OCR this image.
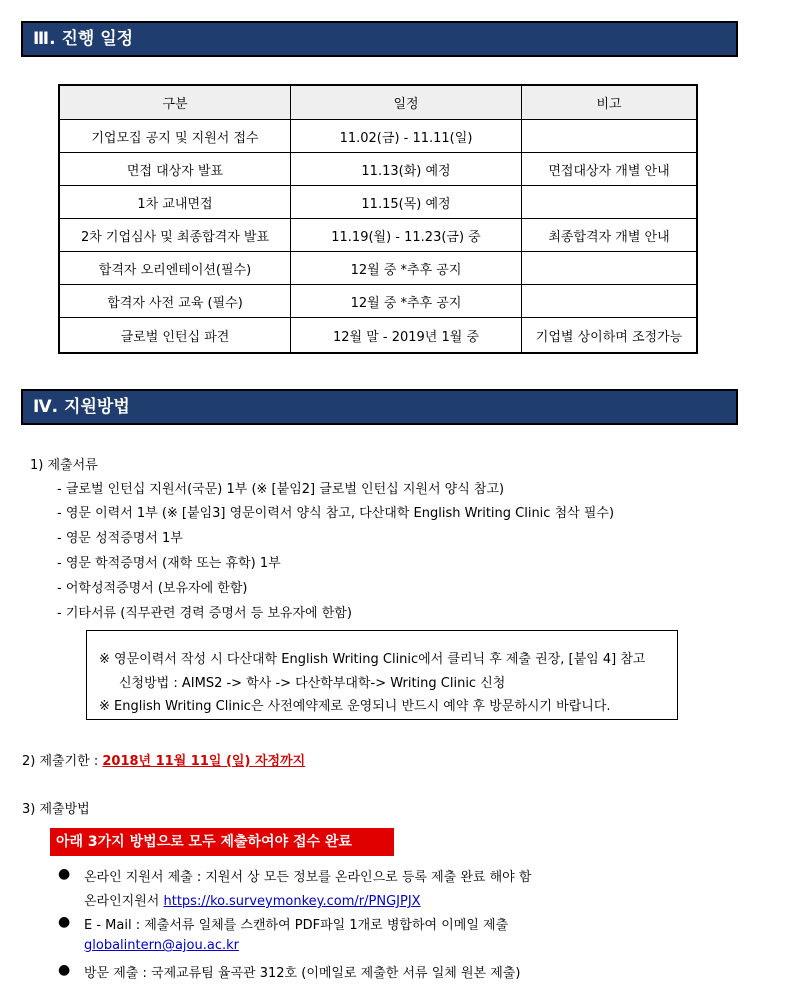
Ⅲ. 진행 일정
구분	일정	비고
기업모집 공지 및 지원서 접수	11.02(금) - 11.11(일)	
면접 대상자 발표	11.13(화) 예정	면접대상자 개별 안내
1차 교내면접	11.15(목) 예정	
2차 기업심사 및 최종합격자 발표	11.19(월) - 11.23(금) 중	최종합격자 개별 안내
합격자 오리엔테이션(필수)	12월 중 *추후 공지	
합격자 사전 교육 (필수)	12월 중 *추후 공지	
글로벌 인턴십 파견	12월 말 - 2019년 1월 중	기업별 상이하며 조정가능
Ⅳ. 지원방법
1) 제출서류
- 글로벌 인턴십 지원서(국문) 1부 (※ [붙임2] 글로벌 인턴십 지원서 양식 참고)
- 영문 이력서 1부 (※ [붙임3] 영문이력서 양식 참고, 다산대학 English Writing Clinic 첨삭 필수)
- 영문 성적증명서 1부
- 영문 학적증명서 (재학 또는 휴학) 1부
- 어학성적증명서 (보유자에 한함)
- 기타서류 (직무관련 경력 증명서 등 보유자에 한함)
※ 영문이력서 작성 시 다산대학 English Writing Clinic에서 클리닉 후 제출 권장, [붙임 4] 참고
신청방법 : AIMS2 -> 학사 -> 다산학부대학-> Writing Clinic 신청
※ English Writing Clinic은 사전예약제로 운영되니 반드시 예약 후 방문하시기 바랍니다.
2) 제출기한 : 2018년 11월 11일 (일) 자정까지
3) 제출방법
아래 3가지 방법으로 모두 제출하여야 접수 완료
● 온라인 지원서 제출 : 지원서 상 모든 정보를 온라인으로 등록 제출 완료 해야 함
온라인지원서 https://ko.surveymonkey.com/r/PNGJPJX
● E - Mail : 제출서류 일체를 스캔하여 PDF파일 1개로 병합하여 이메일 제출
globalintern@ajou.ac.kr
● 방문 제출 : 국제교류팀 율곡관 312호 (이메일로 제출한 서류 일체 원본 제출)
